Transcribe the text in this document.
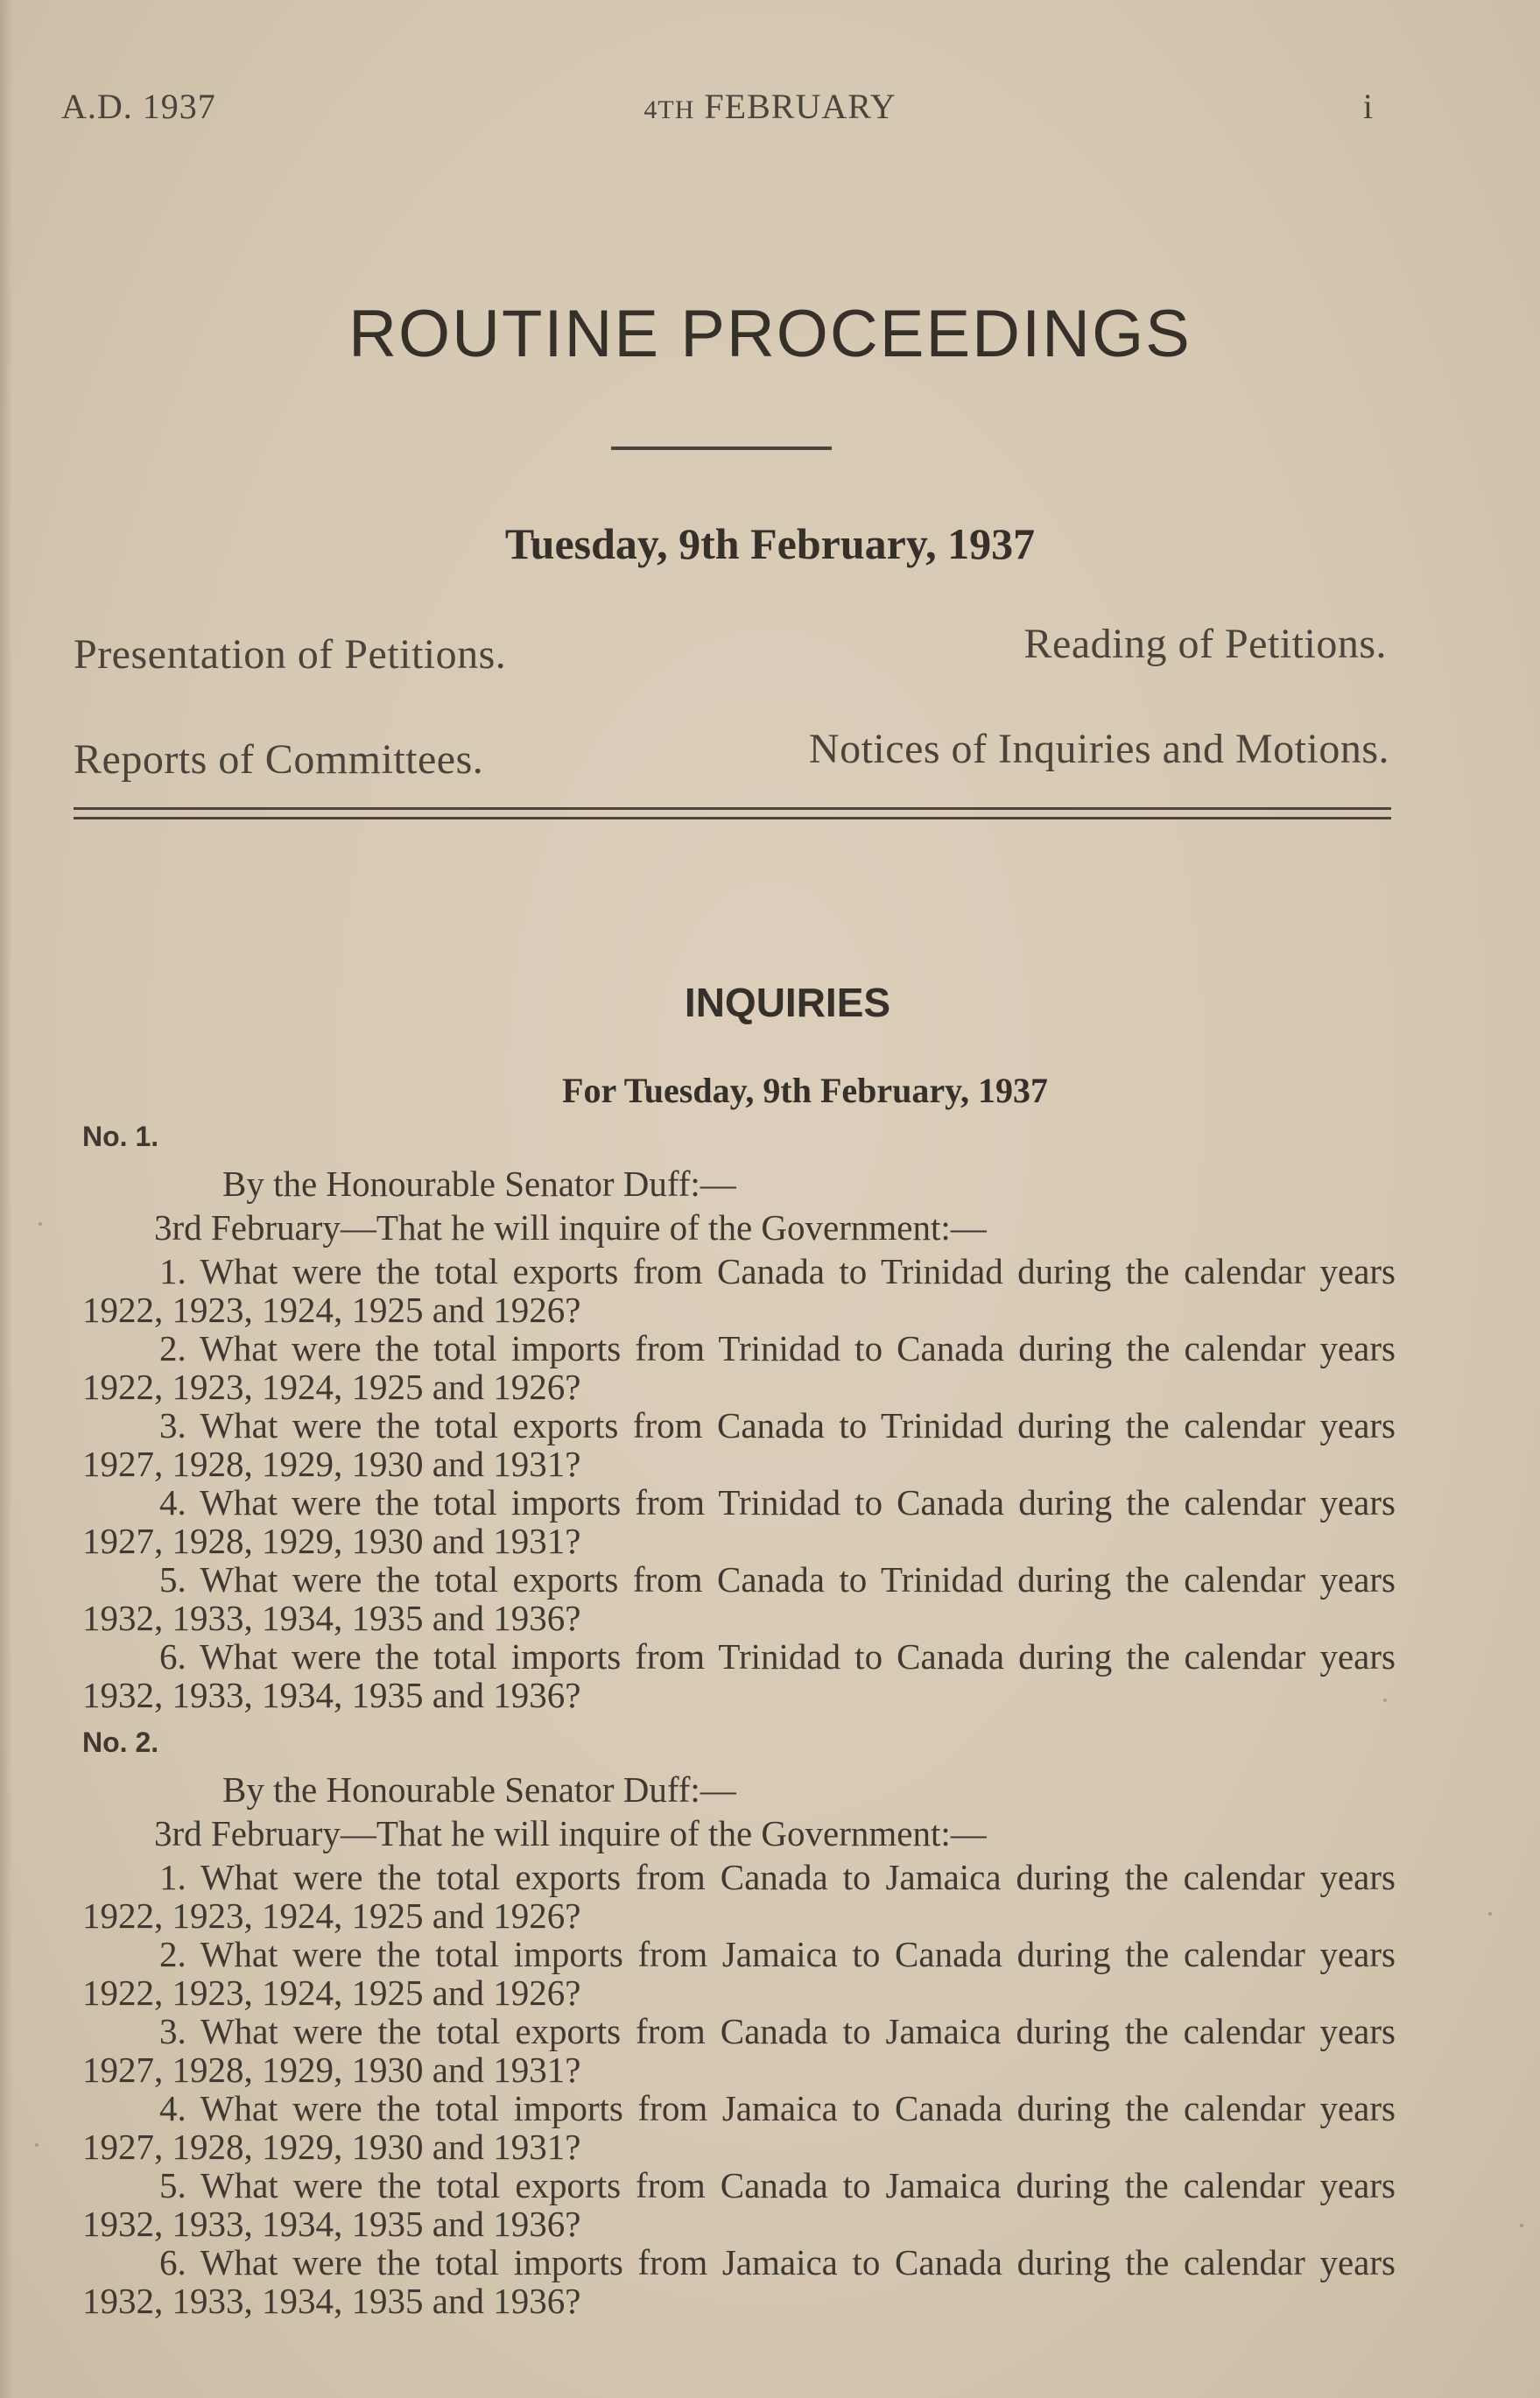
A.D. 1937	4TH FEBRUARY	i
ROUTINE PROCEEDINGS
Tuesday, 9th February, 1937
Presentation of Petitions.	Reading of Petitions.
Reports of Committees.	Notices of Inquiries and Motions.
INQUIRIES
For Tuesday, 9th February, 1937
No. 1.
By the Honourable Senator Duff:—
3rd February—That he will inquire of the Government:—
1. What were the total exports from Canada to Trinidad during the calendar years 1922, 1923, 1924, 1925 and 1926?
2. What were the total imports from Trinidad to Canada during the calendar years 1922, 1923, 1924, 1925 and 1926?
3. What were the total exports from Canada to Trinidad during the calendar years 1927, 1928, 1929, 1930 and 1931?
4. What were the total imports from Trinidad to Canada during the calendar years 1927, 1928, 1929, 1930 and 1931?
5. What were the total exports from Canada to Trinidad during the calendar years 1932, 1933, 1934, 1935 and 1936?
6. What were the total imports from Trinidad to Canada during the calendar years 1932, 1933, 1934, 1935 and 1936?
No. 2.
By the Honourable Senator Duff:—
3rd February—That he will inquire of the Government:—
1. What were the total exports from Canada to Jamaica during the calendar years 1922, 1923, 1924, 1925 and 1926?
2. What were the total imports from Jamaica to Canada during the calendar years 1922, 1923, 1924, 1925 and 1926?
3. What were the total exports from Canada to Jamaica during the calendar years 1927, 1928, 1929, 1930 and 1931?
4. What were the total imports from Jamaica to Canada during the calendar years 1927, 1928, 1929, 1930 and 1931?
5. What were the total exports from Canada to Jamaica during the calendar years 1932, 1933, 1934, 1935 and 1936?
6. What were the total imports from Jamaica to Canada during the calendar years 1932, 1933, 1934, 1935 and 1936?
